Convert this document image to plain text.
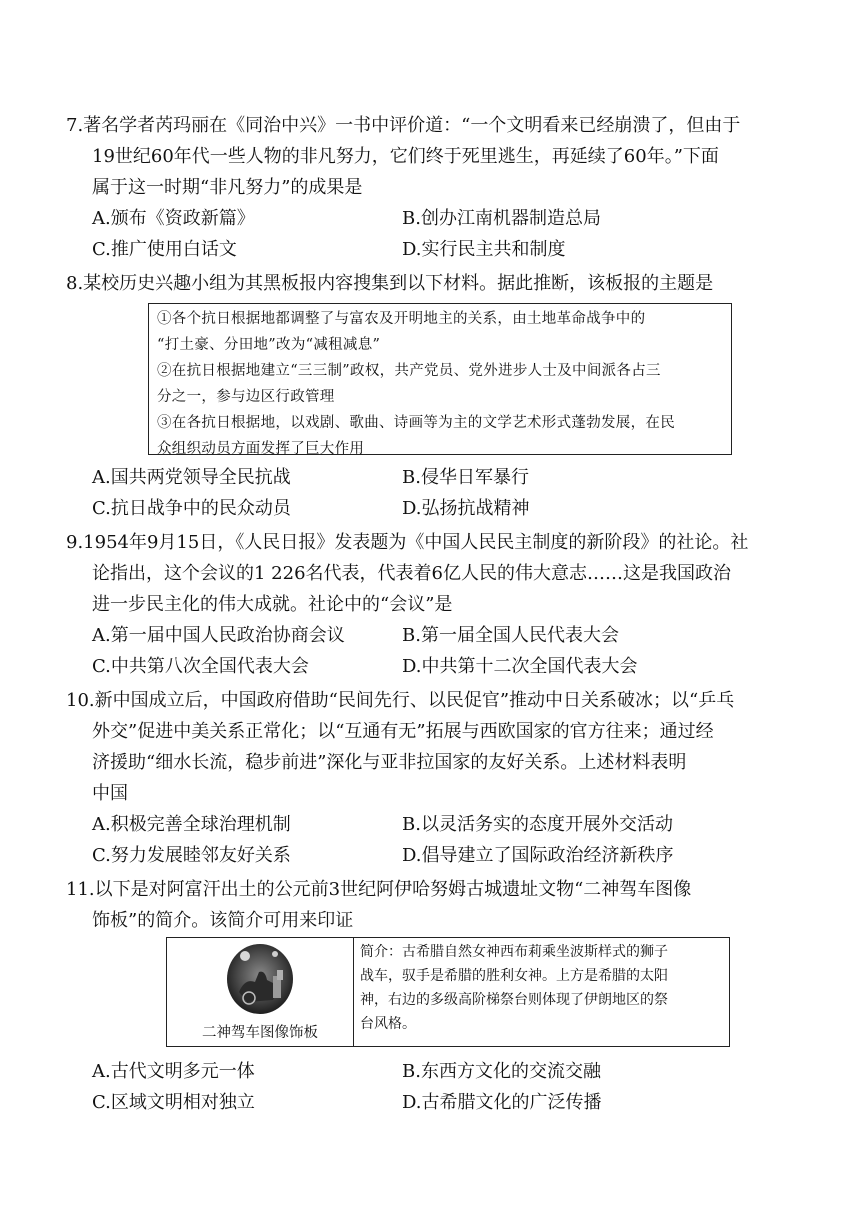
7.著名学者芮玛丽在《同治中兴》一书中评价道：“一个文明看来已经崩溃了，但由于
19世纪60年代一些人物的非凡努力，它们终于死里逃生，再延续了60年。”下面
属于这一时期“非凡努力”的成果是
A.颁布《资政新篇》	B.创办江南机器制造总局 C.推广使用白话文	D.实行民主共和制度
8.某校历史兴趣小组为其黑板报内容搜集到以下材料。据此推断，该板报的主题是
①各个抗日根据地都调整了与富农及开明地主的关系，由土地革命战争中的
“打土豪、分田地”改为“减租减息”
②在抗日根据地建立“三三制”政权，共产党员、党外进步人士及中间派各占三
分之一，参与边区行政管理
③在各抗日根据地，以戏剧、歌曲、诗画等为主的文学艺术形式蓬勃发展，在民
众组织动员方面发挥了巨大作用
A.国共两党领导全民抗战	B.侵华日军暴行 C.抗日战争中的民众动员	D.弘扬抗战精神
9.1954年9月15日，《人民日报》发表题为《中国人民民主制度的新阶段》的社论。社
论指出，这个会议的1 226名代表，代表着6亿人民的伟大意志……这是我国政治
进一步民主化的伟大成就。社论中的“会议”是
A.第一届中国人民政治协商会议	B.第一届全国人民代表大会 C.中共第八次全国代表大会	D.中共第十二次全国代表大会
10.新中国成立后，中国政府借助“民间先行、以民促官”推动中日关系破冰；以“乒乓
外交”促进中美关系正常化；以“互通有无”拓展与西欧国家的官方往来；通过经
济援助“细水长流，稳步前进”深化与亚非拉国家的友好关系。上述材料表明
中国
A.积极完善全球治理机制	B.以灵活务实的态度开展外交活动 C.努力发展睦邻友好关系	D.倡导建立了国际政治经济新秩序
11.以下是对阿富汗出土的公元前3世纪阿伊哈努姆古城遗址文物“二神驾车图像
饰板”的简介。该简介可用来印证
二神驾车图像饰板
简介：古希腊自然女神西布莉乘坐波斯样式的狮子
战车，驭手是希腊的胜利女神。上方是希腊的太阳
神，右边的多级高阶梯祭台则体现了伊朗地区的祭
台风格。
A.古代文明多元一体	B.东西方文化的交流交融 C.区域文明相对独立	D.古希腊文化的广泛传播
